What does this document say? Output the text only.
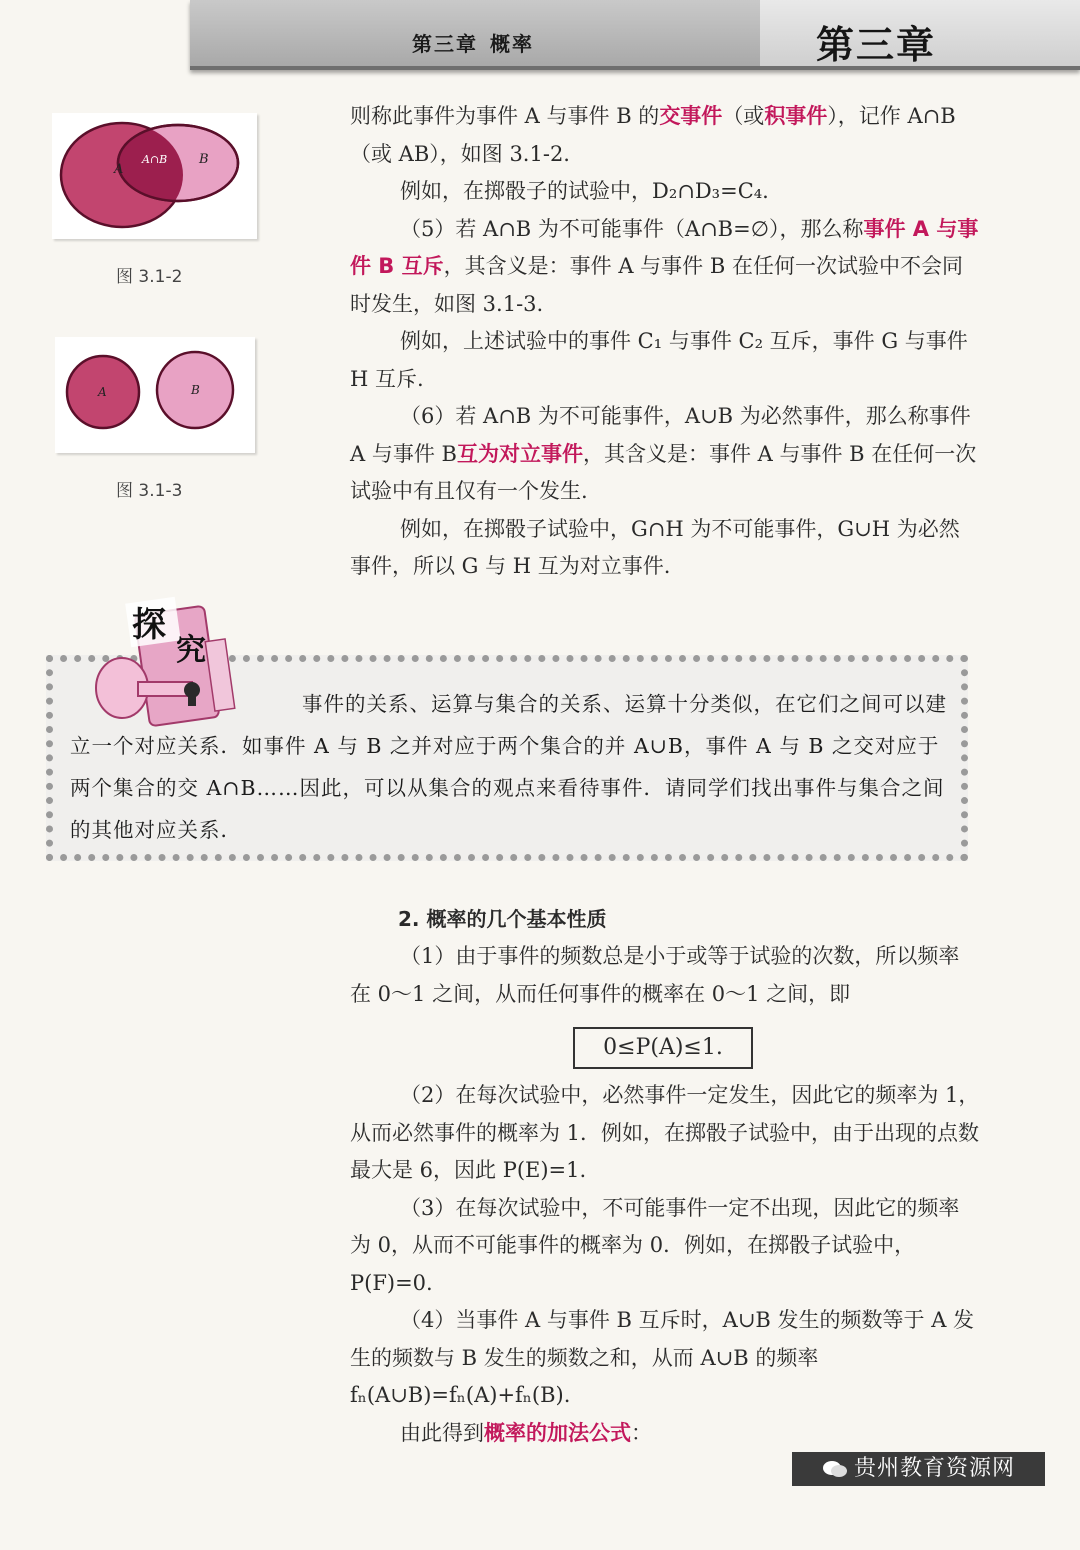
第三章 概率	第三章
A
A∩B B
图 3.1-2
A	B
图 3.1-3

则称此事件为事件 A 与事件 B 的交事件（或积事件），记作 A∩B（或 AB），如图 3.1-2.

例如，在掷骰子的试验中，D₂∩D₃=C₄.

（5）若 A∩B 为不可能事件（A∩B=∅），那么称事件 A 与事件 B 互斥，其含义是：事件 A 与事件 B 在任何一次试验中不会同时发生，如图 3.1-3.

例如，上述试验中的事件 C₁ 与事件 C₂ 互斥，事件 G 与事件 H 互斥.

（6）若 A∩B 为不可能事件，A∪B 为必然事件，那么称事件 A 与事件 B互为对立事件，其含义是：事件 A 与事件 B 在任何一次试验中有且仅有一个发生.

例如，在掷骰子试验中，G∩H 为不可能事件，G∪H 为必然事件，所以 G 与 H 互为对立事件.

探
究

事件的关系、运算与集合的关系、运算十分类似，在它们之间可以建立一个对应关系．如事件 A 与 B 之并对应于两个集合的并 A∪B，事件 A 与 B 之交对应于两个集合的交 A∩B……因此，可以从集合的观点来看待事件．请同学们找出事件与集合之间的其他对应关系．

2. 概率的几个基本性质

（1）由于事件的频数总是小于或等于试验的次数，所以频率在 0～1 之间，从而任何事件的概率在 0～1 之间，即

0≤P(A)≤1.

（2）在每次试验中，必然事件一定发生，因此它的频率为 1，从而必然事件的概率为 1．例如，在掷骰子试验中，由于出现的点数最大是 6，因此 P(E)=1.

（3）在每次试验中，不可能事件一定不出现，因此它的频率为 0，从而不可能事件的概率为 0．例如，在掷骰子试验中，P(F)=0.

（4）当事件 A 与事件 B 互斥时，A∪B 发生的频数等于 A 发生的频数与 B 发生的频数之和，从而 A∪B 的频率 fₙ(A∪B)=fₙ(A)+fₙ(B).

由此得到概率的加法公式：

贵州教育资源网
